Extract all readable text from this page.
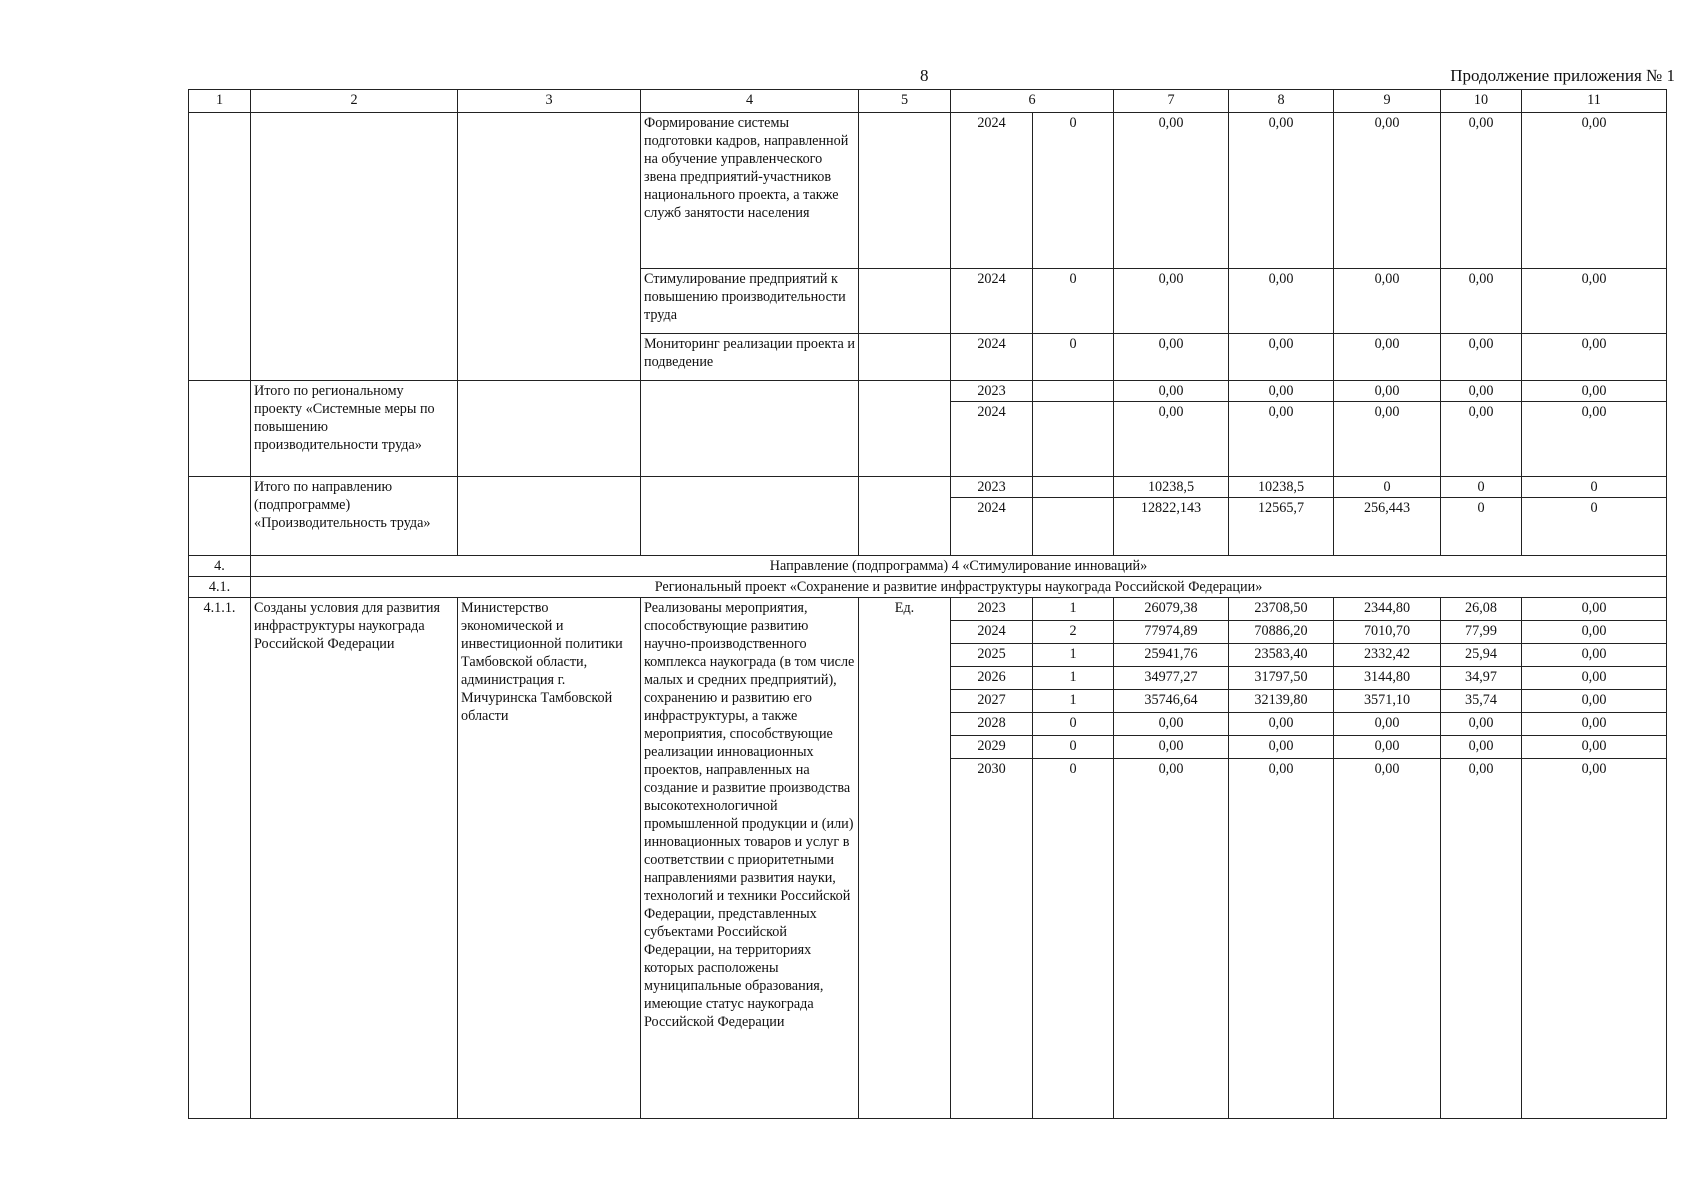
8	Продолжение приложения № 1
1	2	3	4	5	6		7	8	9	10	11
			Формирование системы подготовки кадров, направленной на обучение управленческого звена предприятий-участников национального проекта, а также служб занятости населения		2024	0	0,00	0,00	0,00	0,00	0,00
			Стимулирование предприятий к повышению производительности труда		2024	0	0,00	0,00	0,00	0,00	0,00
			Мониторинг реализации проекта и подведение		2024	0	0,00	0,00	0,00	0,00	0,00
	Итого по региональному проекту «Системные меры по повышению производительности труда»				2023		0,00	0,00	0,00	0,00	0,00
					2024		0,00	0,00	0,00	0,00	0,00
	Итого по направлению (подпрограмме) «Производительность труда»				2023		10238,5	10238,5	0	0	0
					2024		12822,143	12565,7	256,443	0	0
4.	Направление (подпрограмма) 4 «Стимулирование инноваций»										
4.1.	Региональный проект «Сохранение и развитие инфраструктуры наукограда Российской Федерации»										
4.1.1.	Созданы условия для развития инфраструктуры наукограда Российской Федерации	Министерство экономической и инвестиционной политики Тамбовской области, администрация г. Мичуринска Тамбовской области	Реализованы мероприятия, способствующие развитию научно-производственного комплекса наукограда (в том числе малых и средних предприятий), сохранению и развитию его инфраструктуры, а также мероприятия, способствующие реализации инновационных проектов, направленных на создание и развитие производства высокотехнологичной промышленной продукции и (или) инновационных товаров и услуг в соответствии с приоритетными направлениями развития науки, технологий и техники Российской Федерации, представленных субъектами Российской Федерации, на территориях которых расположены муниципальные образования, имеющие статус наукограда Российской Федерации	Ед.	2023	1	26079,38	23708,50	2344,80	26,08	0,00
					2024	2	77974,89	70886,20	7010,70	77,99	0,00
					2025	1	25941,76	23583,40	2332,42	25,94	0,00
					2026	1	34977,27	31797,50	3144,80	34,97	0,00
					2027	1	35746,64	32139,80	3571,10	35,74	0,00
					2028	0	0,00	0,00	0,00	0,00	0,00
					2029	0	0,00	0,00	0,00	0,00	0,00
					2030	0	0,00	0,00	0,00	0,00	0,00
